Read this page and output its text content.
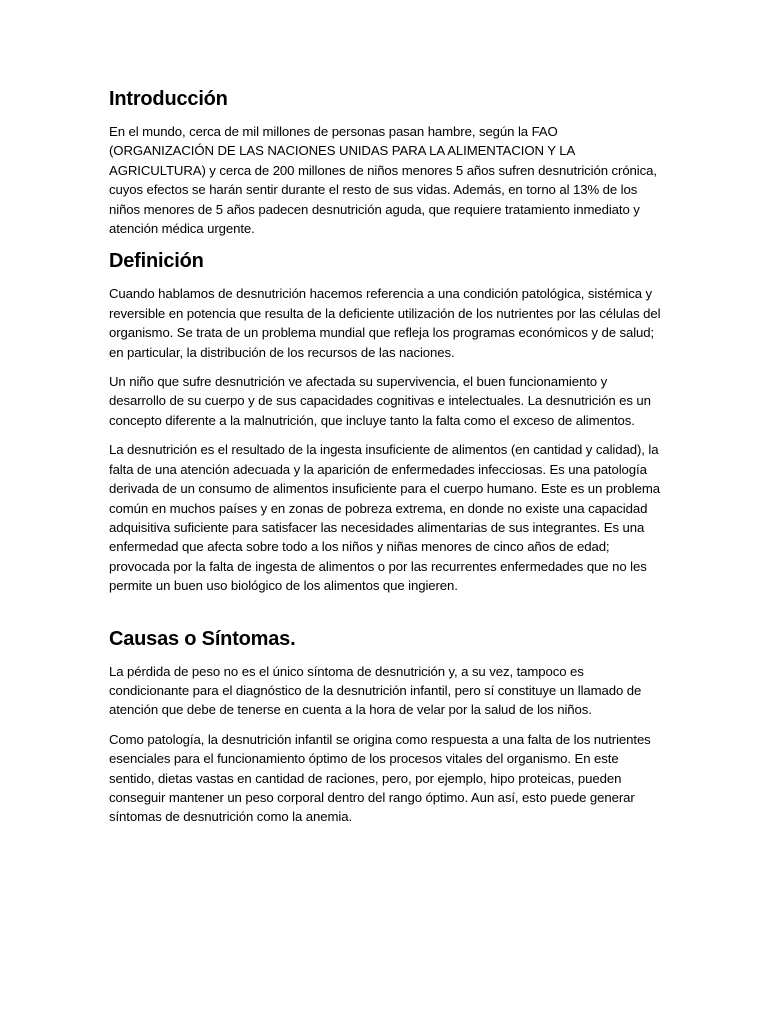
Introducción

En el mundo, cerca de mil millones de personas pasan hambre, según la FAO (ORGANIZACIÓN DE LAS NACIONES UNIDAS PARA LA ALIMENTACION Y LA AGRICULTURA) y cerca de 200 millones de niños menores 5 años sufren desnutrición crónica, cuyos efectos se harán sentir durante el resto de sus vidas. Además, en torno al 13% de los niños menores de 5 años padecen desnutrición aguda, que requiere tratamiento inmediato y atención médica urgente.

Definición

Cuando hablamos de desnutrición hacemos referencia a una condición patológica, sistémica y reversible en potencia que resulta de la deficiente utilización de los nutrientes por las células del organismo. Se trata de un problema mundial que refleja los programas económicos y de salud; en particular, la distribución de los recursos de las naciones.

Un niño que sufre desnutrición ve afectada su supervivencia, el buen funcionamiento y desarrollo de su cuerpo y de sus capacidades cognitivas e intelectuales. La desnutrición es un concepto diferente a la malnutrición, que incluye tanto la falta como el exceso de alimentos.

La desnutrición es el resultado de la ingesta insuficiente de alimentos (en cantidad y calidad), la falta de una atención adecuada y la aparición de enfermedades infecciosas. Es una patología derivada de un consumo de alimentos insuficiente para el cuerpo humano. Este es un problema común en muchos países y en zonas de pobreza extrema, en donde no existe una capacidad adquisitiva suficiente para satisfacer las necesidades alimentarias de sus integrantes. Es una enfermedad que afecta sobre todo a los niños y niñas menores de cinco años de edad; provocada por la falta de ingesta de alimentos o por las recurrentes enfermedades que no les permite un buen uso biológico de los alimentos que ingieren.

Causas o Síntomas.

La pérdida de peso no es el único síntoma de desnutrición y, a su vez, tampoco es condicionante para el diagnóstico de la desnutrición infantil, pero sí constituye un llamado de atención que debe de tenerse en cuenta a la hora de velar por la salud de los niños.

Como patología, la desnutrición infantil se origina como respuesta a una falta de los nutrientes esenciales para el funcionamiento óptimo de los procesos vitales del organismo. En este sentido, dietas vastas en cantidad de raciones, pero, por ejemplo, hipo proteicas, pueden conseguir mantener un peso corporal dentro del rango óptimo. Aun así, esto puede generar síntomas de desnutrición como la anemia.
